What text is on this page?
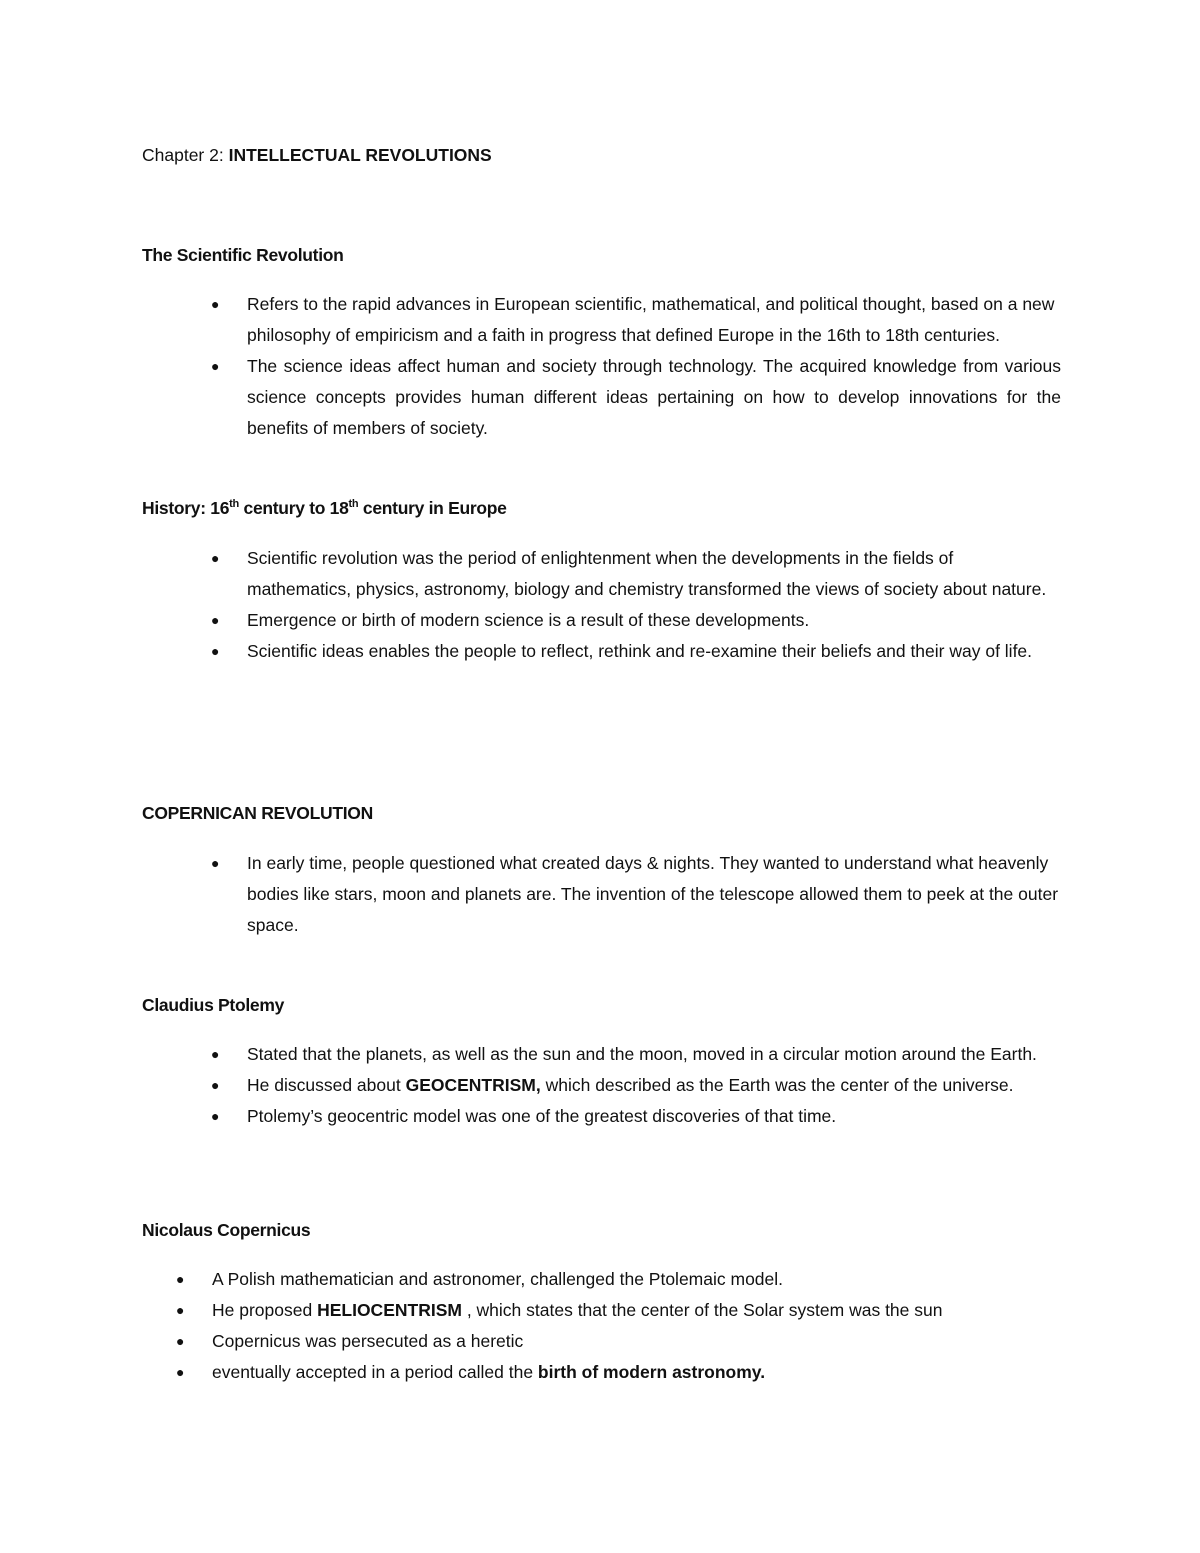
Chapter 2: INTELLECTUAL REVOLUTIONS
The Scientific Revolution
● Refers to the rapid advances in European scientific, mathematical, and political thought, based on a new philosophy of empiricism and a faith in progress that defined Europe in the 16th to 18th centuries.
● The science ideas affect human and society through technology. The acquired knowledge from various science concepts provides human different ideas pertaining on how to develop innovations for the benefits of members of society.
History: 16th century to 18th century in Europe
● Scientific revolution was the period of enlightenment when the developments in the fields of mathematics, physics, astronomy, biology and chemistry transformed the views of society about nature.
● Emergence or birth of modern science is a result of these developments.
● Scientific ideas enables the people to reflect, rethink and re-examine their beliefs and their way of life.
COPERNICAN REVOLUTION
● In early time, people questioned what created days & nights. They wanted to understand what heavenly bodies like stars, moon and planets are. The invention of the telescope allowed them to peek at the outer space.
Claudius Ptolemy
● Stated that the planets, as well as the sun and the moon, moved in a circular motion around the Earth.
● He discussed about GEOCENTRISM, which described as the Earth was the center of the universe.
● Ptolemy’s geocentric model was one of the greatest discoveries of that time.
Nicolaus Copernicus
● A Polish mathematician and astronomer, challenged the Ptolemaic model.
● He proposed HELIOCENTRISM , which states that the center of the Solar system was the sun
● Copernicus was persecuted as a heretic
● eventually accepted in a period called the birth of modern astronomy.
